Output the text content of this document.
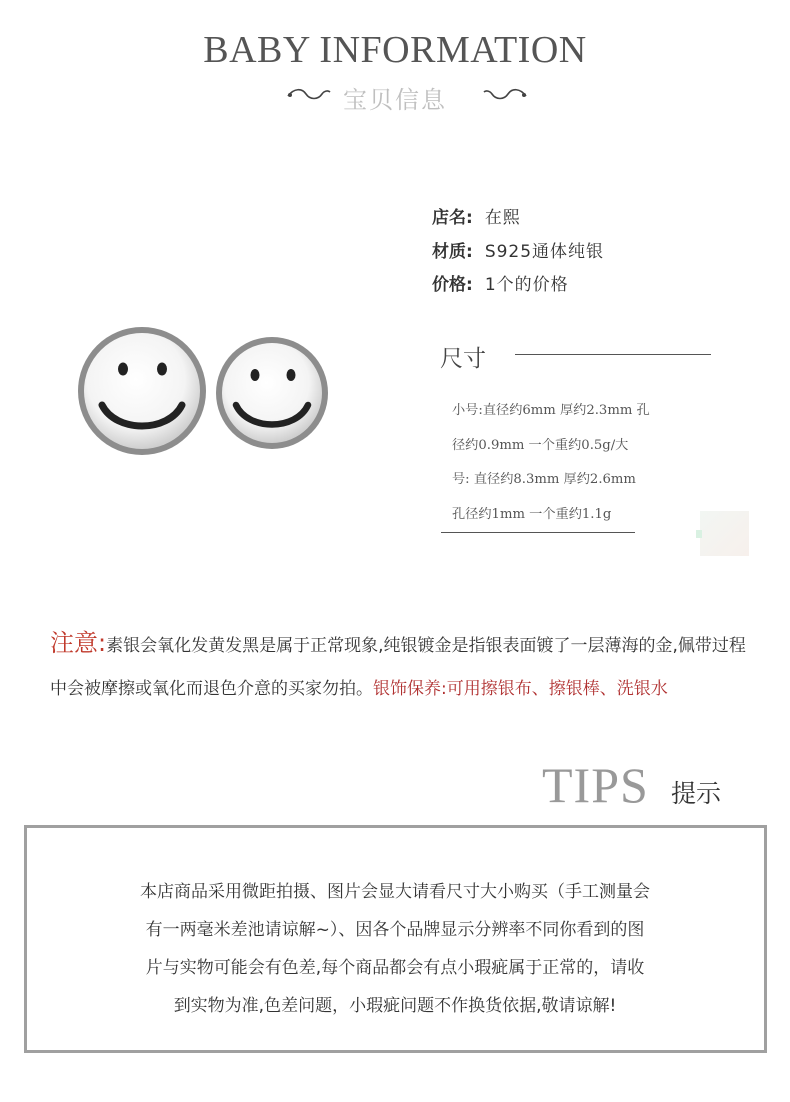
BABY INFORMATION
宝贝信息
店名: 在熙
材质: S925通体纯银
价格: 1个的价格
尺寸
小号:直径约6mm 厚约2.3mm 孔
径约0.9mm 一个重约0.5g/大
号: 直径约8.3mm 厚约2.6mm
孔径约1mm 一个重约1.1g
注意:素银会氧化发黄发黑是属于正常现象,纯银镀金是指银表面镀了一层薄海的金,佩带过程中会被摩擦或氧化而退色介意的买家勿拍。银饰保养:可用擦银布、擦银棒、洗银水
TIPS 提示
本店商品采用微距拍摄、图片会显大请看尺寸大小购买（手工测量会
有一两毫米差池请谅解~）、因各个品牌显示分辨率不同你看到的图
片与实物可能会有色差,每个商品都会有点小瑕疵属于正常的，请收
到实物为准,色差问题，小瑕疵问题不作换货依据,敬请谅解!
